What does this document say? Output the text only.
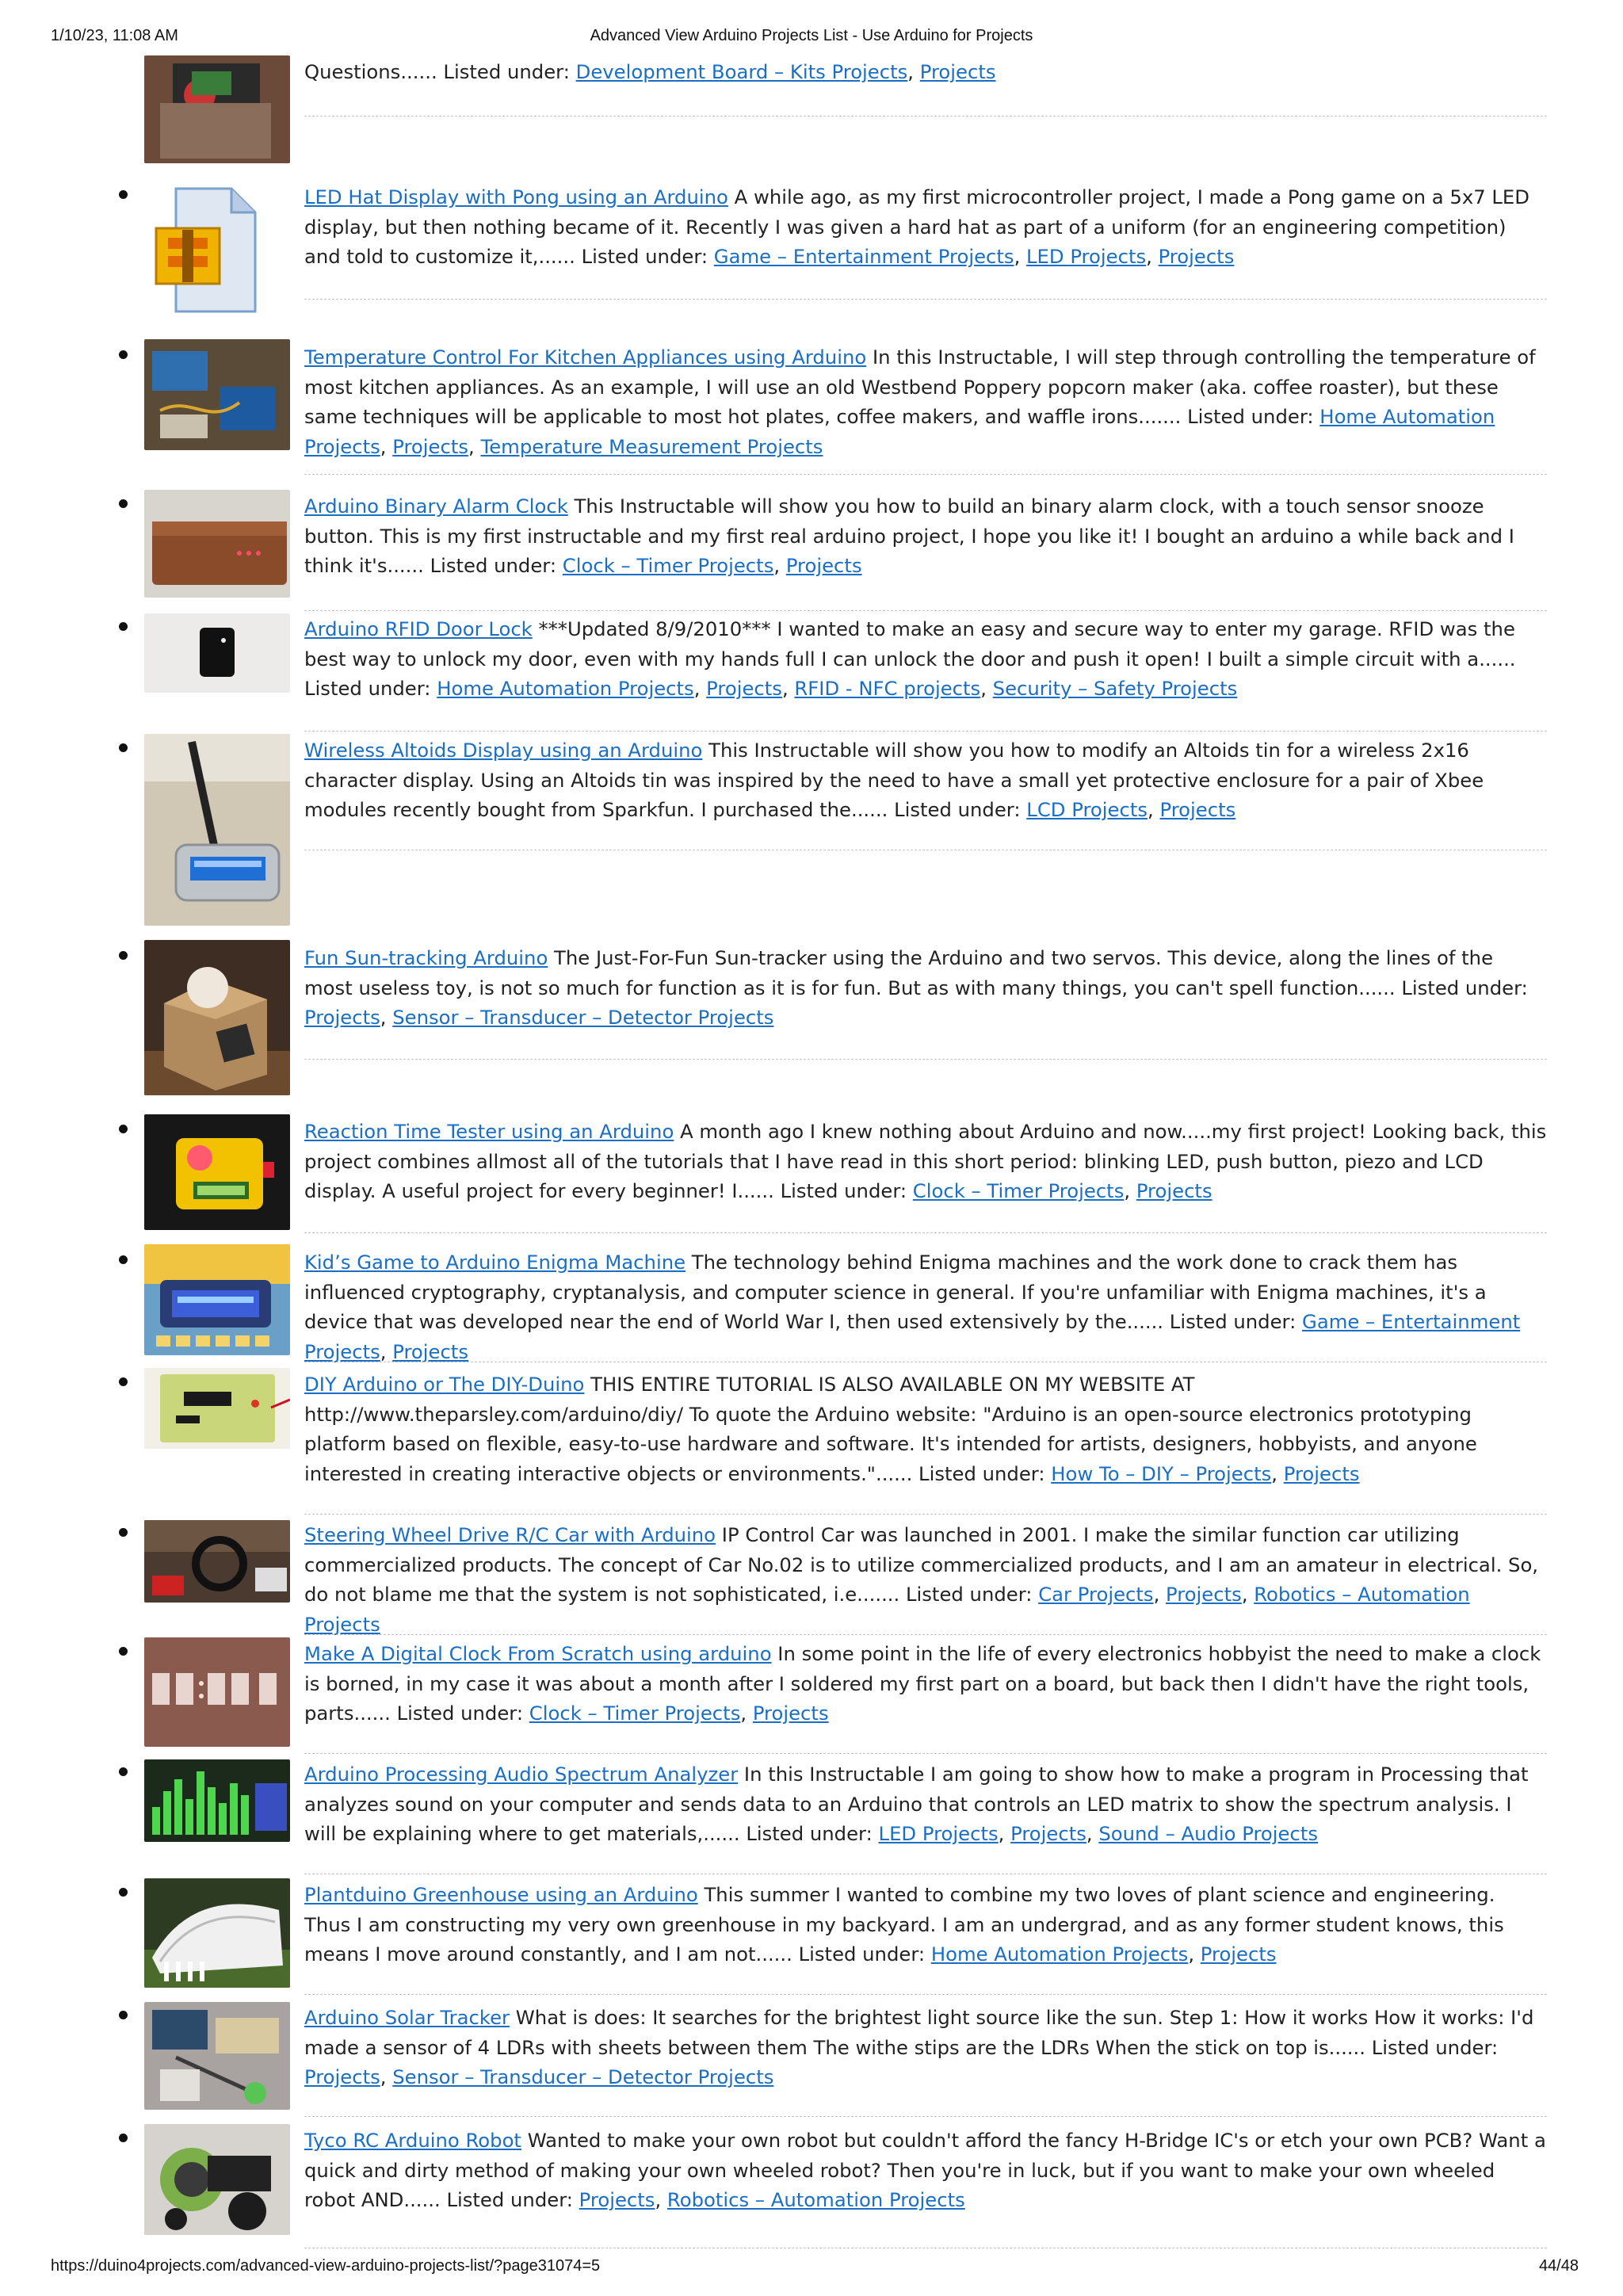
1/10/23, 11:08 AM	Advanced View Arduino Projects List - Use Arduino for Projects
Questions...... Listed under: Development Board – Kits Projects, Projects
LED Hat Display with Pong using an Arduino A while ago, as my first microcontroller project, I made a Pong game on a 5x7 LED display, but then nothing became of it. Recently I was given a hard hat as part of a uniform (for an engineering competition) and told to customize it,...... Listed under: Game – Entertainment Projects, LED Projects, Projects
Temperature Control For Kitchen Appliances using Arduino In this Instructable, I will step through controlling the temperature of most kitchen appliances. As an example, I will use an old Westbend Poppery popcorn maker (aka. coffee roaster), but these same techniques will be applicable to most hot plates, coffee makers, and waffle irons....... Listed under: Home Automation Projects, Projects, Temperature Measurement Projects
Arduino Binary Alarm Clock This Instructable will show you how to build an binary alarm clock, with a touch sensor snooze button. This is my first instructable and my first real arduino project, I hope you like it! I bought an arduino a while back and I think it's...... Listed under: Clock – Timer Projects, Projects
Arduino RFID Door Lock ***Updated 8/9/2010*** I wanted to make an easy and secure way to enter my garage. RFID was the best way to unlock my door, even with my hands full I can unlock the door and push it open! I built a simple circuit with a...... Listed under: Home Automation Projects, Projects, RFID - NFC projects, Security – Safety Projects
Wireless Altoids Display using an Arduino This Instructable will show you how to modify an Altoids tin for a wireless 2x16 character display. Using an Altoids tin was inspired by the need to have a small yet protective enclosure for a pair of Xbee modules recently bought from Sparkfun. I purchased the...... Listed under: LCD Projects, Projects
Fun Sun-tracking Arduino The Just-For-Fun Sun-tracker using the Arduino and two servos. This device, along the lines of the most useless toy, is not so much for function as it is for fun. But as with many things, you can't spell function...... Listed under: Projects, Sensor – Transducer – Detector Projects
Reaction Time Tester using an Arduino A month ago I knew nothing about Arduino and now.....my first project! Looking back, this project combines allmost all of the tutorials that I have read in this short period: blinking LED, push button, piezo and LCD display. A useful project for every beginner! I...... Listed under: Clock – Timer Projects, Projects
Kid’s Game to Arduino Enigma Machine The technology behind Enigma machines and the work done to crack them has influenced cryptography, cryptanalysis, and computer science in general. If you're unfamiliar with Enigma machines, it's a device that was developed near the end of World War I, then used extensively by the...... Listed under: Game – Entertainment Projects, Projects
DIY Arduino or The DIY-Duino THIS ENTIRE TUTORIAL IS ALSO AVAILABLE ON MY WEBSITE AT http://www.theparsley.com/arduino/diy/ To quote the Arduino website: "Arduino is an open-source electronics prototyping platform based on flexible, easy-to-use hardware and software. It's intended for artists, designers, hobbyists, and anyone interested in creating interactive objects or environments."...... Listed under: How To – DIY – Projects, Projects
Steering Wheel Drive R/C Car with Arduino IP Control Car was launched in 2001. I make the similar function car utilizing commercialized products. The concept of Car No.02 is to utilize commercialized products, and I am an amateur in electrical. So, do not blame me that the system is not sophisticated, i.e....... Listed under: Car Projects, Projects, Robotics – Automation Projects
Make A Digital Clock From Scratch using arduino In some point in the life of every electronics hobbyist the need to make a clock is borned, in my case it was about a month after I soldered my first part on a board, but back then I didn't have the right tools, parts...... Listed under: Clock – Timer Projects, Projects
Arduino Processing Audio Spectrum Analyzer In this Instructable I am going to show how to make a program in Processing that analyzes sound on your computer and sends data to an Arduino that controls an LED matrix to show the spectrum analysis. I will be explaining where to get materials,...... Listed under: LED Projects, Projects, Sound – Audio Projects
Plantduino Greenhouse using an Arduino This summer I wanted to combine my two loves of plant science and engineering. Thus I am constructing my very own greenhouse in my backyard. I am an undergrad, and as any former student knows, this means I move around constantly, and I am not...... Listed under: Home Automation Projects, Projects
Arduino Solar Tracker What is does: It searches for the brightest light source like the sun. Step 1: How it works How it works: I'd made a sensor of 4 LDRs with sheets between them The withe stips are the LDRs When the stick on top is...... Listed under: Projects, Sensor – Transducer – Detector Projects
Tyco RC Arduino Robot Wanted to make your own robot but couldn't afford the fancy H-Bridge IC's or etch your own PCB? Want a quick and dirty method of making your own wheeled robot? Then you're in luck, but if you want to make your own wheeled robot AND...... Listed under: Projects, Robotics – Automation Projects
https://duino4projects.com/advanced-view-arduino-projects-list/?page31074=5	44/48
